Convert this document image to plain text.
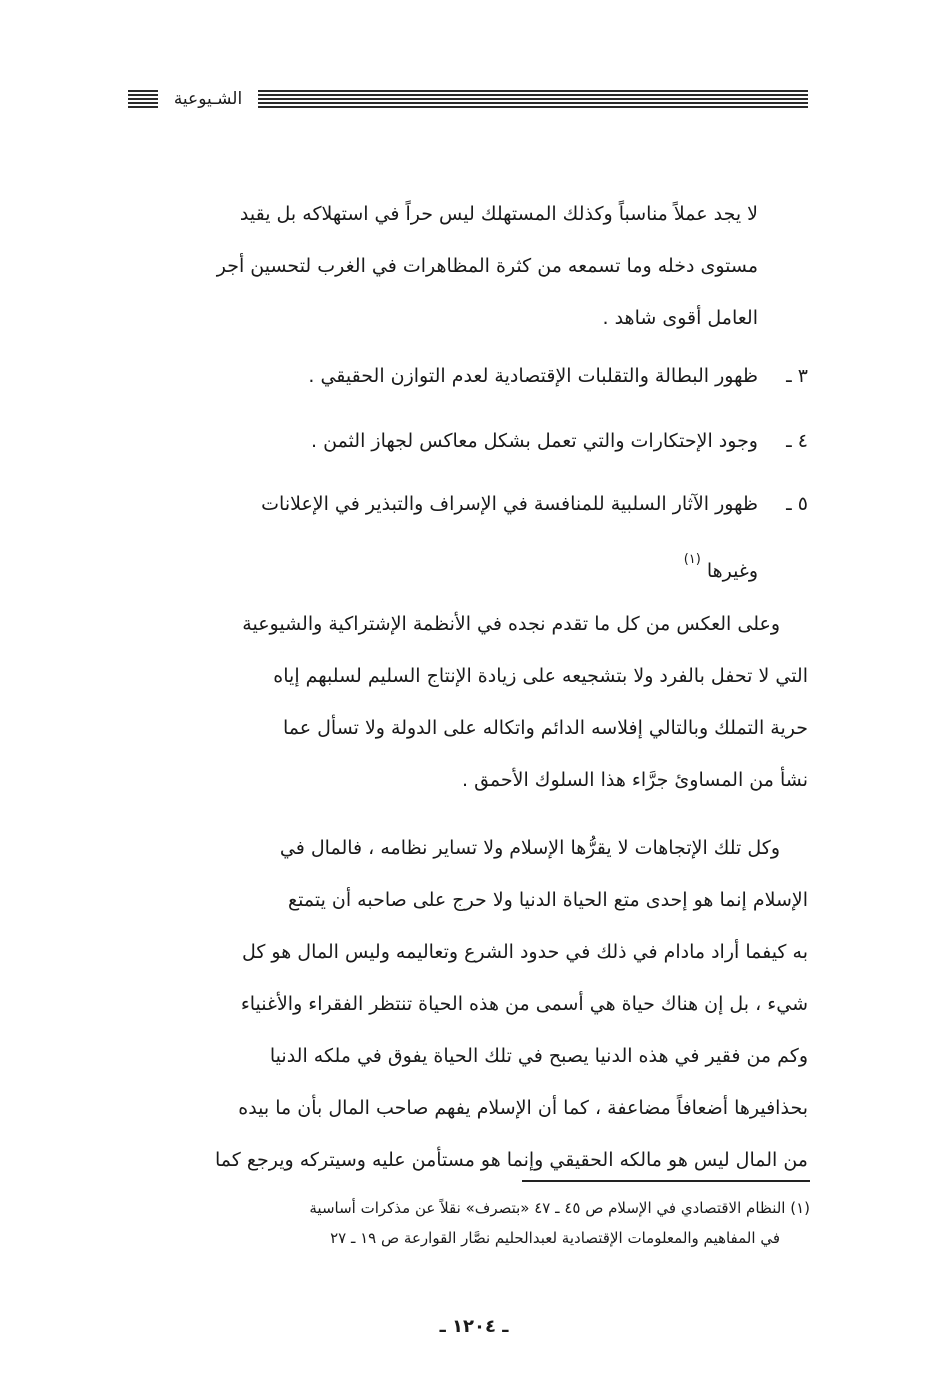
الشـيوعية
لا يجد عملاً مناسباً وكذلك المستهلك ليس حراً في استهلاكه بل يقيد
مستوى دخله وما تسمعه من كثرة المظاهرات في الغرب لتحسين أجر
العامل أقوى شاهد .
٣ ـ
ظهور البطالة والتقلبات الإقتصادية لعدم التوازن الحقيقي .
٤ ـ
وجود الإحتكارات والتي تعمل بشكل معاكس لجهاز الثمن .
٥ ـ
ظهور الآثار السلبية للمنافسة في الإسراف والتبذير في الإعلانات
وغيرها$^{(١)}$
وعلى العكس من كل ما تقدم نجده في الأنظمة الإشتراكية والشيوعية
التي لا تحفل بالفرد ولا بتشجيعه على زيادة الإنتاج السليم لسلبهم إياه
حرية التملك وبالتالي إفلاسه الدائم واتكاله على الدولة ولا تسأل عما
نشأ من المساوئ جرَّاء هذا السلوك الأحمق .
وكل تلك الإتجاهات لا يقرُّها الإسلام ولا تساير نظامه ، فالمال في
الإسلام إنما هو إحدى متع الحياة الدنيا ولا حرج على صاحبه أن يتمتع
به كيفما أراد مادام في ذلك في حدود الشرع وتعاليمه وليس المال هو كل
شيء ، بل إن هناك حياة هي أسمى من هذه الحياة تنتظر الفقراء والأغنياء
وكم من فقير في هذه الدنيا يصبح في تلك الحياة يفوق في ملكه الدنيا
بحذافيرها أضعافاً مضاعفة ، كما أن الإسلام يفهم صاحب المال بأن ما بيده
من المال ليس هو مالكه الحقيقي وإنما هو مستأمن عليه وسيتركه ويرجع كما
(١) النظام الاقتصادي في الإسلام ص ٤٥ ـ ٤٧ «بتصرف» نقلاً عن مذكرات أساسية
في المفاهيم والمعلومات الإقتصادية لعبدالحليم نصَّار القوارعة ص ١٩ ـ ٢٧
ـ ١٢٠٤ ـ
